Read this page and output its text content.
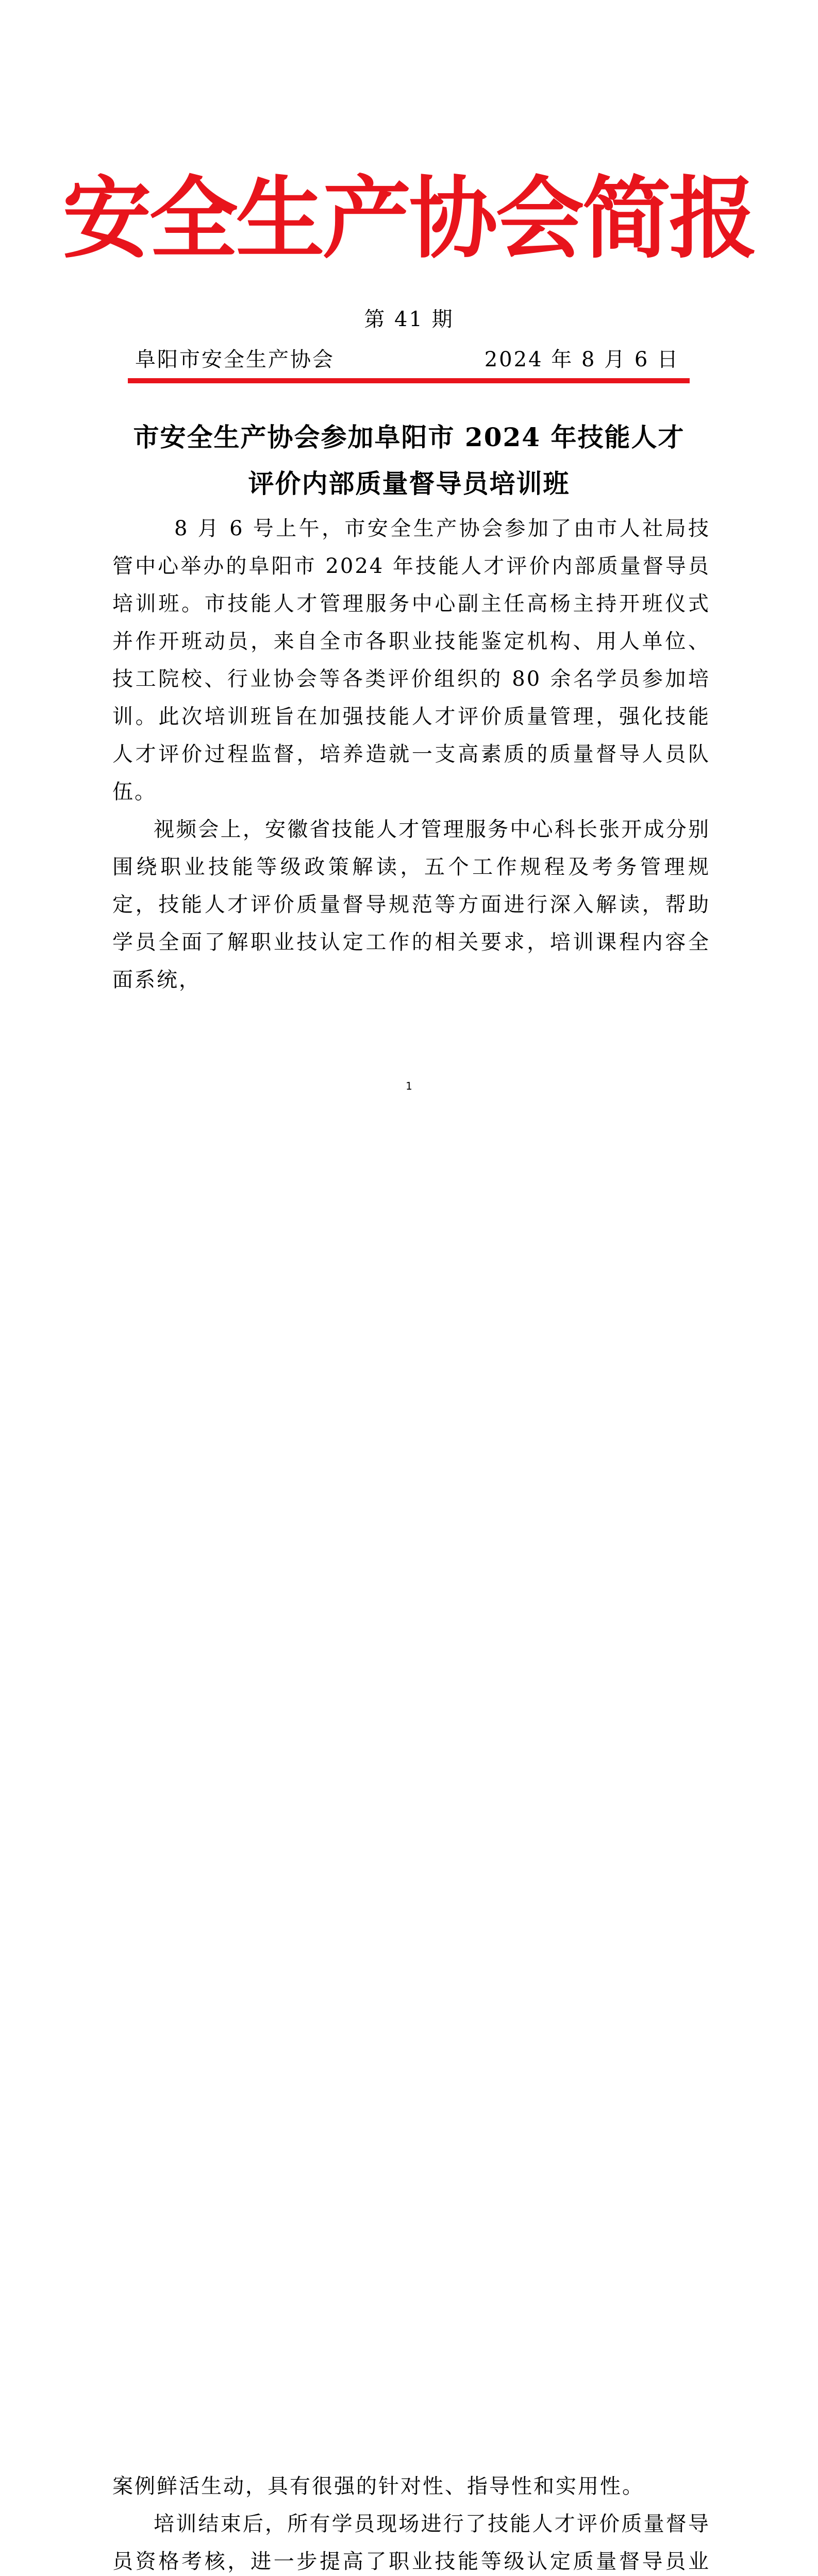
安全生产协会简报
第 41 期
阜阳市安全生产协会	2024 年 8 月 6 日
市安全生产协会参加阜阳市 2024 年技能人才
评价内部质量督导员培训班

8 月 6 号上午，市安全生产协会参加了由市人社局技管中心举办的阜阳市 2024 年技能人才评价内部质量督导员培训班。市技能人才管理服务中心副主任高杨主持开班仪式并作开班动员，来自全市各职业技能鉴定机构、用人单位、技工院校、行业协会等各类评价组织的 80 余名学员参加培训。此次培训班旨在加强技能人才评价质量管理，强化技能人才评价过程监督，培养造就一支高素质的质量督导人员队伍。

视频会上，安徽省技能人才管理服务中心科长张开成分别围绕职业技能等级政策解读，五个工作规程及考务管理规定，技能人才评价质量督导规范等方面进行深入解读，帮助学员全面了解职业技认定工作的相关要求，培训课程内容全面系统，

1

案例鲜活生动，具有很强的针对性、指导性和实用性。

培训结束后，所有学员现场进行了技能人才评价质量督导员资格考核，进一步提高了职业技能等级认定质量督导员业
